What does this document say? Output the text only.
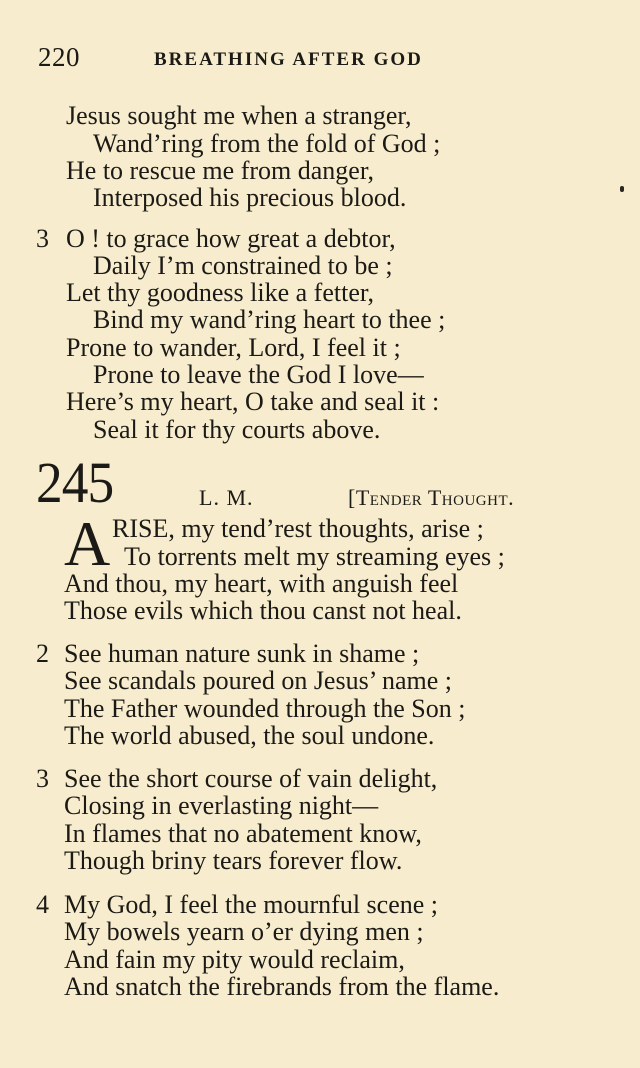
220	BREATHING AFTER GOD
Jesus sought me when a stranger,
Wand’ring from the fold of God ;
He to rescue me from danger,
Interposed his precious blood.
3 O ! to grace how great a debtor,
Daily I’m constrained to be ;
Let thy goodness like a fetter,
Bind my wand’ring heart to thee ;
Prone to wander, Lord, I feel it ;
Prone to leave the God I love—
Here’s my heart, O take and seal it :
Seal it for thy courts above.
245	L. M.	[Tender Thought.
A RISE, my tend’rest thoughts, arise ;
To torrents melt my streaming eyes ;
And thou, my heart, with anguish feel
Those evils which thou canst not heal.
2 See human nature sunk in shame ;
See scandals poured on Jesus’ name ;
The Father wounded through the Son ;
The world abused, the soul undone.
3 See the short course of vain delight,
Closing in everlasting night—
In flames that no abatement know,
Though briny tears forever flow.
4 My God, I feel the mournful scene ;
My bowels yearn o’er dying men ;
And fain my pity would reclaim,
And snatch the firebrands from the flame.
